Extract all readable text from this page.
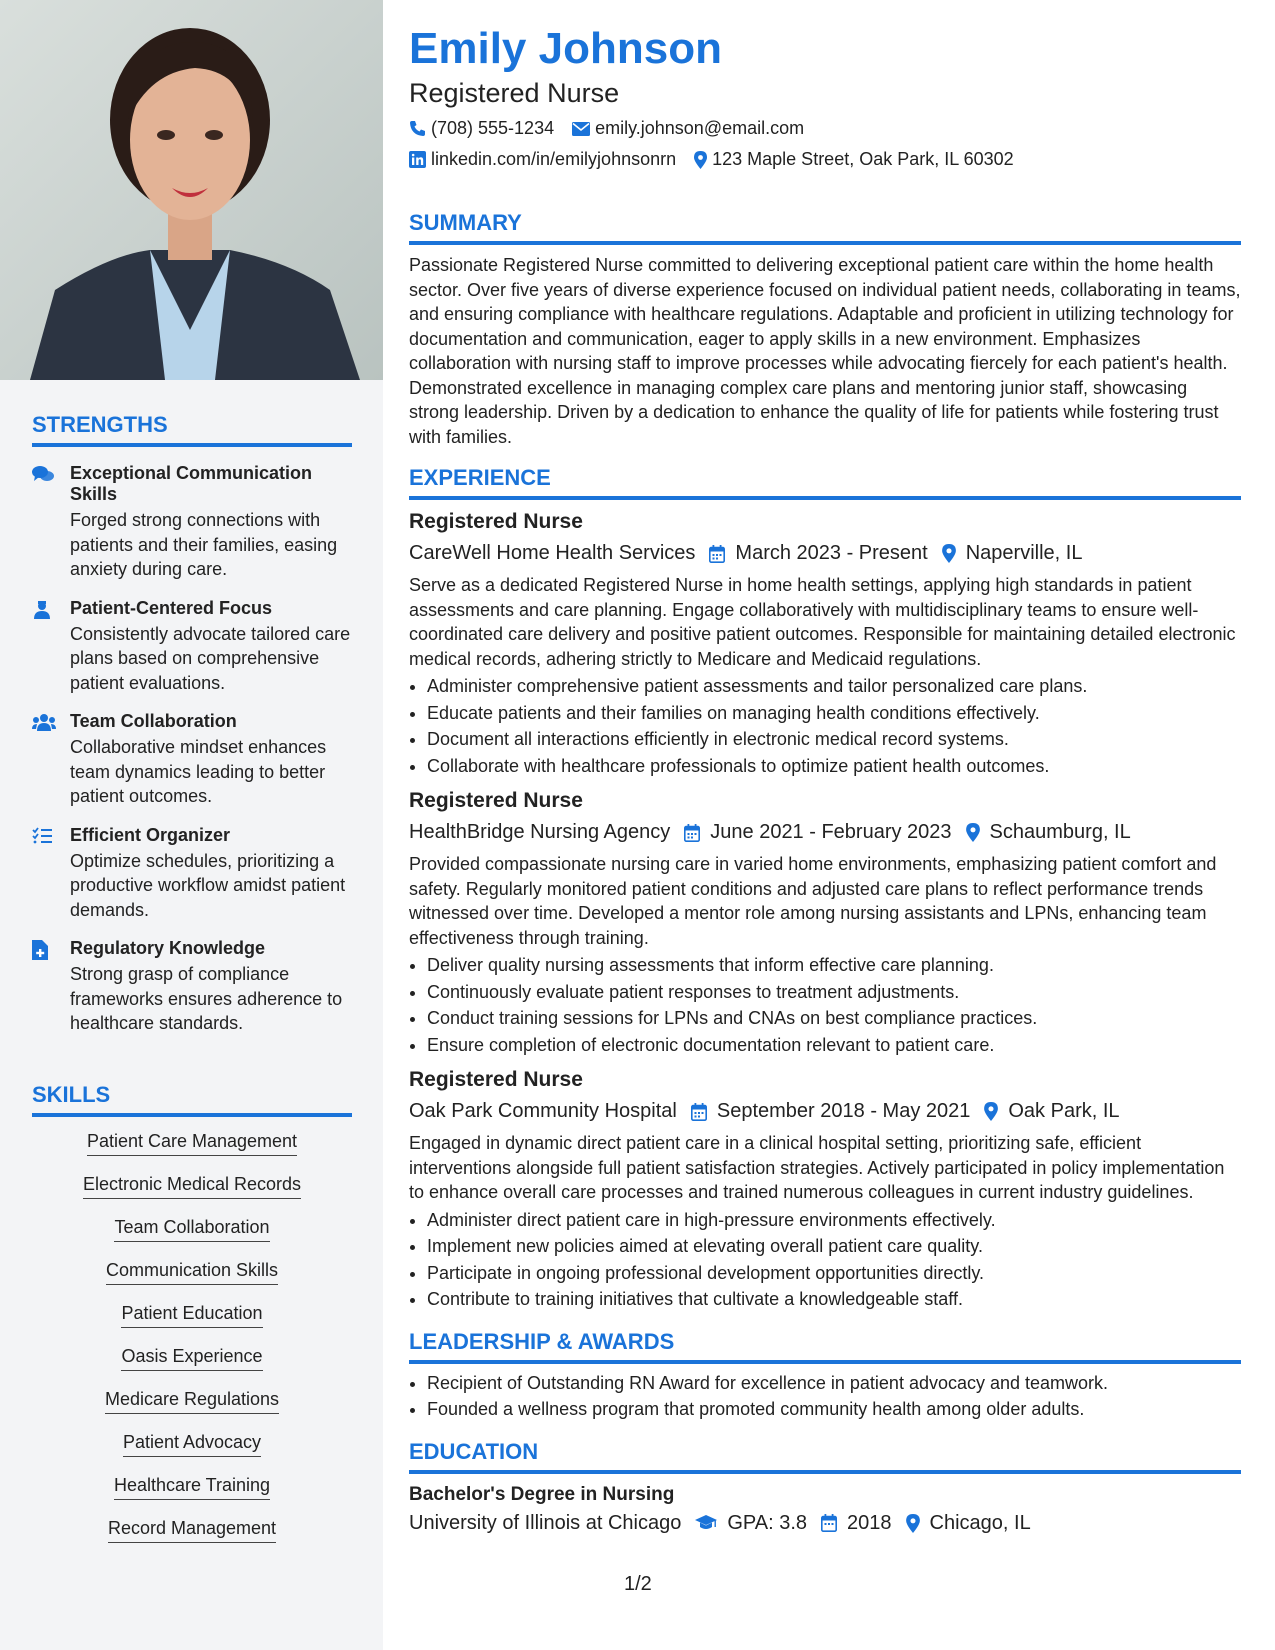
STRENGTHS
Exceptional Communication Skills
Forged strong connections with patients and their families, easing anxiety during care.
Patient-Centered Focus
Consistently advocate tailored care plans based on comprehensive patient evaluations.
Team Collaboration
Collaborative mindset enhances team dynamics leading to better patient outcomes.
Efficient Organizer
Optimize schedules, prioritizing a productive workflow amidst patient demands.
Regulatory Knowledge
Strong grasp of compliance frameworks ensures adherence to healthcare standards.
SKILLS
Patient Care Management
Electronic Medical Records
Team Collaboration
Communication Skills
Patient Education
Oasis Experience
Medicare Regulations
Patient Advocacy
Healthcare Training
Record Management
Emily Johnson
Registered Nurse
(708) 555-1234 emily.johnson@email.com
linkedin.com/in/emilyjohnsonrn 123 Maple Street, Oak Park, IL 60302
SUMMARY
Passionate Registered Nurse committed to delivering exceptional patient care within the home health sector. Over five years of diverse experience focused on individual patient needs, collaborating in teams, and ensuring compliance with healthcare regulations. Adaptable and proficient in utilizing technology for documentation and communication, eager to apply skills in a new environment. Emphasizes collaboration with nursing staff to improve processes while advocating fiercely for each patient's health. Demonstrated excellence in managing complex care plans and mentoring junior staff, showcasing strong leadership. Driven by a dedication to enhance the quality of life for patients while fostering trust with families.
EXPERIENCE
Registered Nurse
CareWell Home Health Services March 2023 - Present Naperville, IL
Serve as a dedicated Registered Nurse in home health settings, applying high standards in patient assessments and care planning. Engage collaboratively with multidisciplinary teams to ensure well-coordinated care delivery and positive patient outcomes. Responsible for maintaining detailed electronic medical records, adhering strictly to Medicare and Medicaid regulations.
• Administer comprehensive patient assessments and tailor personalized care plans.
• Educate patients and their families on managing health conditions effectively.
• Document all interactions efficiently in electronic medical record systems.
• Collaborate with healthcare professionals to optimize patient health outcomes.
Registered Nurse
HealthBridge Nursing Agency June 2021 - February 2023 Schaumburg, IL
Provided compassionate nursing care in varied home environments, emphasizing patient comfort and safety. Regularly monitored patient conditions and adjusted care plans to reflect performance trends witnessed over time. Developed a mentor role among nursing assistants and LPNs, enhancing team effectiveness through training.
• Deliver quality nursing assessments that inform effective care planning.
• Continuously evaluate patient responses to treatment adjustments.
• Conduct training sessions for LPNs and CNAs on best compliance practices.
• Ensure completion of electronic documentation relevant to patient care.
Registered Nurse
Oak Park Community Hospital September 2018 - May 2021 Oak Park, IL
Engaged in dynamic direct patient care in a clinical hospital setting, prioritizing safe, efficient interventions alongside full patient satisfaction strategies. Actively participated in policy implementation to enhance overall care processes and trained numerous colleagues in current industry guidelines.
• Administer direct patient care in high-pressure environments effectively.
• Implement new policies aimed at elevating overall patient care quality.
• Participate in ongoing professional development opportunities directly.
• Contribute to training initiatives that cultivate a knowledgeable staff.
LEADERSHIP & AWARDS
• Recipient of Outstanding RN Award for excellence in patient advocacy and teamwork.
• Founded a wellness program that promoted community health among older adults.
EDUCATION
Bachelor's Degree in Nursing
University of Illinois at Chicago GPA: 3.8 2018 Chicago, IL
1/2
